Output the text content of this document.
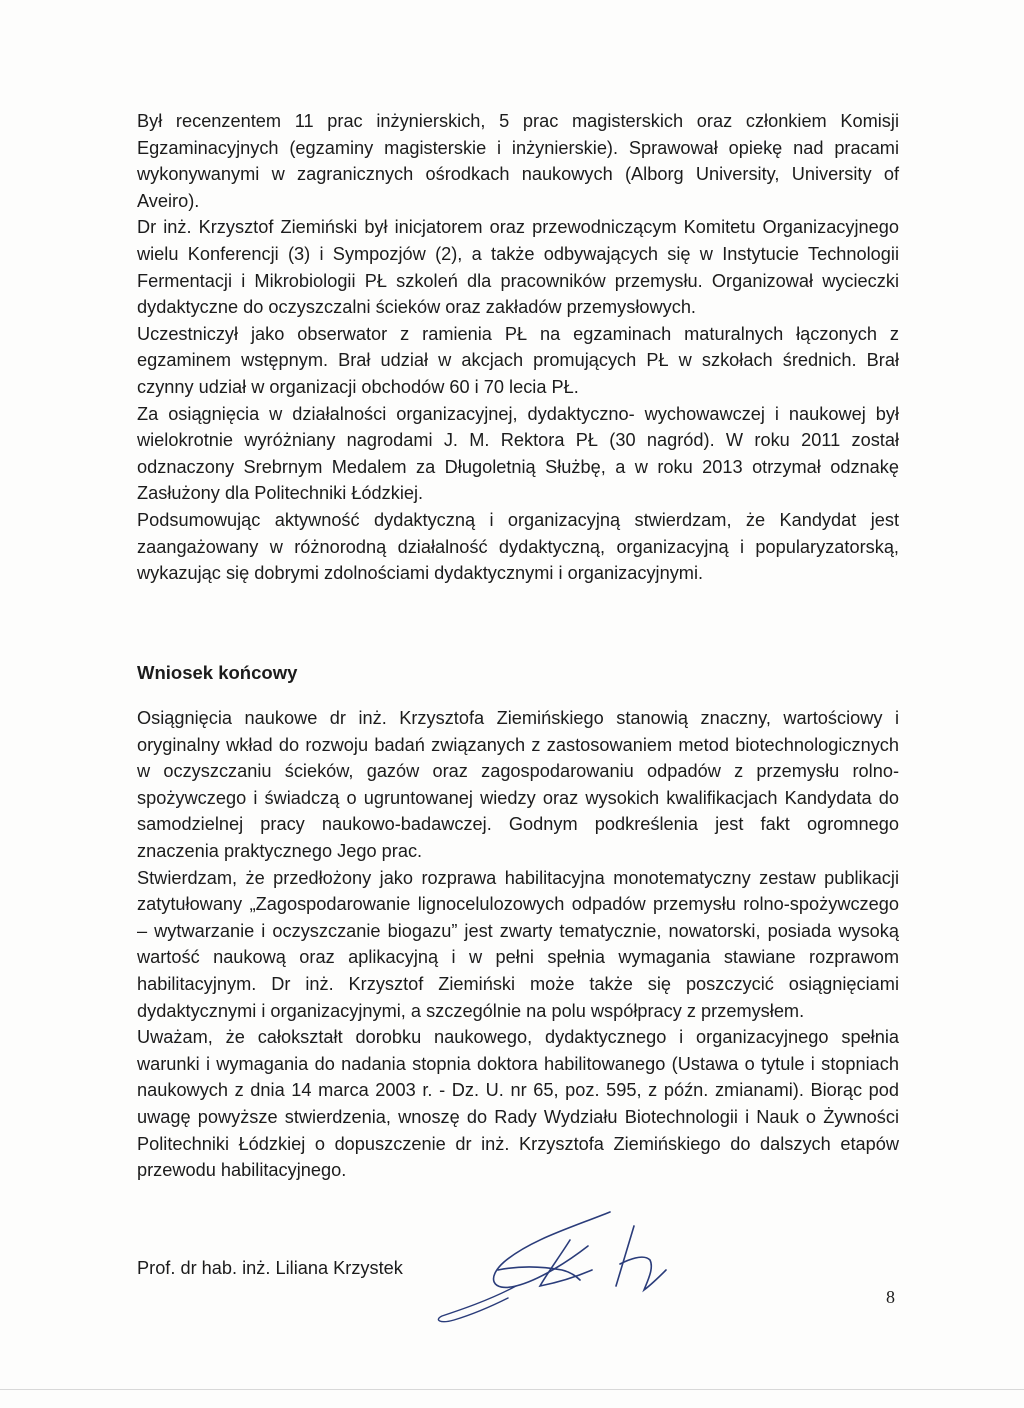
Był recenzentem 11 prac inżynierskich, 5 prac magisterskich oraz członkiem Komisji Egzaminacyjnych (egzaminy magisterskie i inżynierskie). Sprawował opiekę nad pracami wykonywanymi w zagranicznych ośrodkach naukowych (Alborg University, University of Aveiro).

Dr inż. Krzysztof Ziemiński był inicjatorem oraz przewodniczącym Komitetu Organizacyjnego wielu Konferencji (3) i Sympozjów (2), a także odbywających się w Instytucie Technologii Fermentacji i Mikrobiologii PŁ szkoleń dla pracowników przemysłu. Organizował wycieczki dydaktyczne do oczyszczalni ścieków oraz zakładów przemysłowych.

Uczestniczył jako obserwator z ramienia PŁ na egzaminach maturalnych łączonych z egzaminem wstępnym. Brał udział w akcjach promujących PŁ w szkołach średnich. Brał czynny udział w organizacji obchodów 60 i 70 lecia PŁ.

Za osiągnięcia w działalności organizacyjnej, dydaktyczno- wychowawczej i naukowej był wielokrotnie wyróżniany nagrodami J. M. Rektora PŁ (30 nagród). W roku 2011 został odznaczony Srebrnym Medalem za Długoletnią Służbę, a w roku 2013 otrzymał odznakę Zasłużony dla Politechniki Łódzkiej.

Podsumowując aktywność dydaktyczną i organizacyjną stwierdzam, że Kandydat jest zaangażowany w różnorodną działalność dydaktyczną, organizacyjną i popularyzatorską, wykazując się dobrymi zdolnościami dydaktycznymi i organizacyjnymi.

Wniosek końcowy

Osiągnięcia naukowe dr inż. Krzysztofa Ziemińskiego stanowią znaczny, wartościowy i oryginalny wkład do rozwoju badań związanych z zastosowaniem metod biotechnologicznych w oczyszczaniu ścieków, gazów oraz zagospodarowaniu odpadów z przemysłu rolno-spożywczego i świadczą o ugruntowanej wiedzy oraz wysokich kwalifikacjach Kandydata do samodzielnej pracy naukowo-badawczej. Godnym podkreślenia jest fakt ogromnego znaczenia praktycznego Jego prac.

Stwierdzam, że przedłożony jako rozprawa habilitacyjna monotematyczny zestaw publikacji zatytułowany „Zagospodarowanie lignocelulozowych odpadów przemysłu rolno-spożywczego – wytwarzanie i oczyszczanie biogazu” jest zwarty tematycznie, nowatorski, posiada wysoką wartość naukową oraz aplikacyjną i w pełni spełnia wymagania stawiane rozprawom habilitacyjnym. Dr inż. Krzysztof Ziemiński może także się poszczycić osiągnięciami dydaktycznymi i organizacyjnymi, a szczególnie na polu współpracy z przemysłem.

Uważam, że całokształt dorobku naukowego, dydaktycznego i organizacyjnego spełnia warunki i wymagania do nadania stopnia doktora habilitowanego (Ustawa o tytule i stopniach naukowych z dnia 14 marca 2003 r. - Dz. U. nr 65, poz. 595, z późn. zmianami). Biorąc pod uwagę powyższe stwierdzenia, wnoszę do Rady Wydziału Biotechnologii i Nauk o Żywności Politechniki Łódzkiej o dopuszczenie dr inż. Krzysztofa Ziemińskiego do dalszych etapów przewodu habilitacyjnego.

Prof. dr hab. inż. Liliana Krzystek
8
